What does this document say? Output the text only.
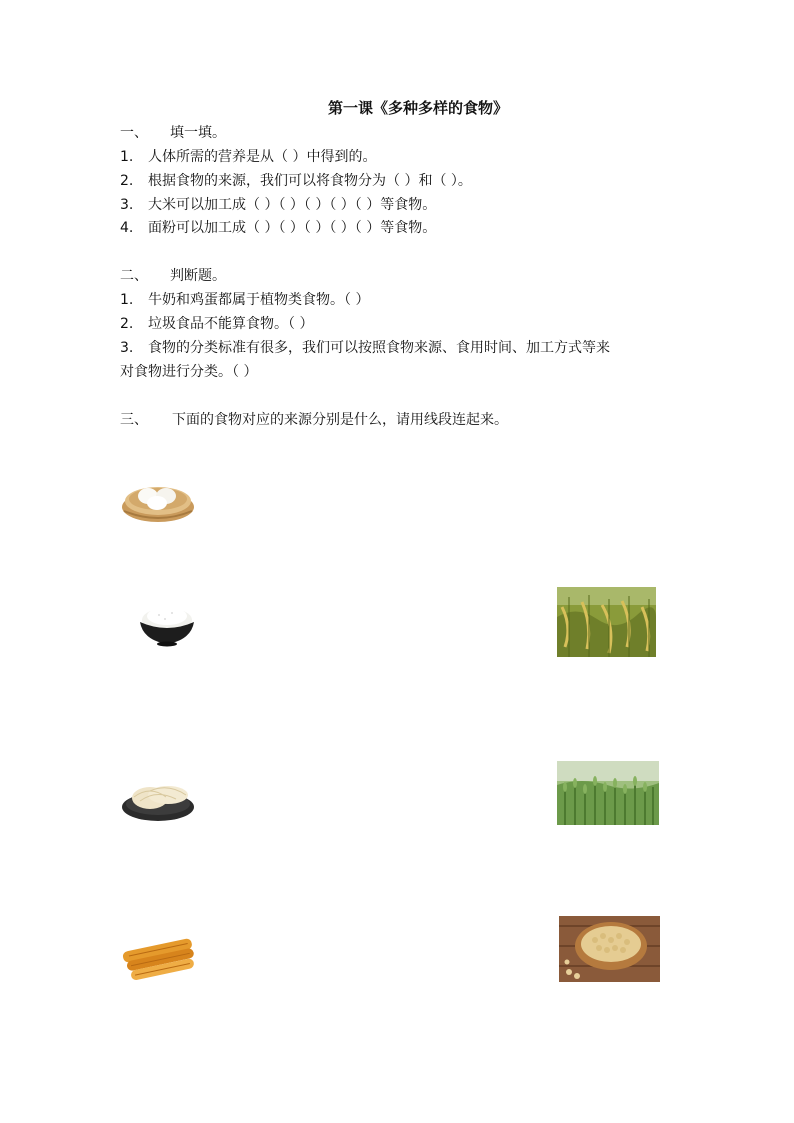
第一课《多种多样的食物》
一、 填一填。
1. 人体所需的营养是从（ ）中得到的。
2. 根据食物的来源，我们可以将食物分为（ ）和（ ）。
3. 大米可以加工成（ ）（ ）（ ）（ ）（ ）等食物。
4. 面粉可以加工成（ ）（ ）（ ）（ ）（ ）等食物。
二、 判断题。
1. 牛奶和鸡蛋都属于植物类食物。（ ）
2. 垃圾食品不能算食物。（ ）
3. 食物的分类标准有很多，我们可以按照食物来源、食用时间、加工方式等来
对食物进行分类。（ ）
三、 下面的食物对应的来源分别是什么，请用线段连起来。
